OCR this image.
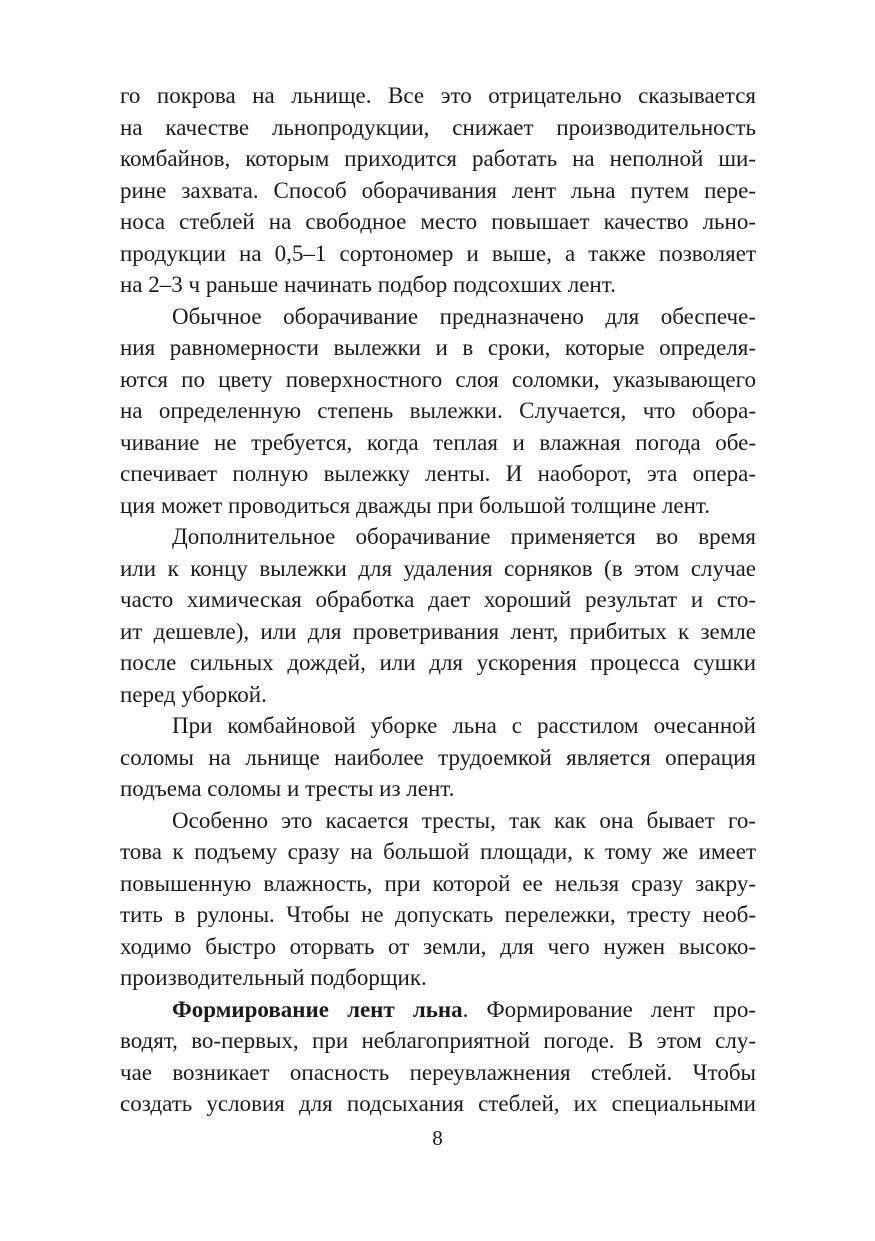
го покрова на льнище. Все это отрицательно сказывается
на качестве льнопродукции, снижает производительность
комбайнов, которым приходится работать на неполной ши-
рине захвата. Способ оборачивания лент льна путем пере-
носа стеблей на свободное место повышает качество льно-
продукции на 0,5–1 сортономер и выше, а также позволяет
на 2–3 ч раньше начинать подбор подсохших лент.
Обычное оборачивание предназначено для обеспече-
ния равномерности вылежки и в сроки, которые определя-
ются по цвету поверхностного слоя соломки, указывающего
на определенную степень вылежки. Случается, что обора-
чивание не требуется, когда теплая и влажная погода обе-
спечивает полную вылежку ленты. И наоборот, эта опера-
ция может проводиться дважды при большой толщине лент.
Дополнительное оборачивание применяется во время
или к концу вылежки для удаления сорняков (в этом случае
часто химическая обработка дает хороший результат и сто-
ит дешевле), или для проветривания лент, прибитых к земле
после сильных дождей, или для ускорения процесса сушки
перед уборкой.
При комбайновой уборке льна с расстилом очесанной
соломы на льнище наиболее трудоемкой является операция
подъема соломы и тресты из лент.
Особенно это касается тресты, так как она бывает го-
това к подъему сразу на большой площади, к тому же имеет
повышенную влажность, при которой ее нельзя сразу закру-
тить в рулоны. Чтобы не допускать перележки, тресту необ-
ходимо быстро оторвать от земли, для чего нужен высоко-
производительный подборщик.
Формирование лент льна. Формирование лент про-
водят, во-первых, при неблагоприятной погоде. В этом слу-
чае возникает опасность переувлажнения стеблей. Чтобы
создать условия для подсыхания стеблей, их специальными
8
